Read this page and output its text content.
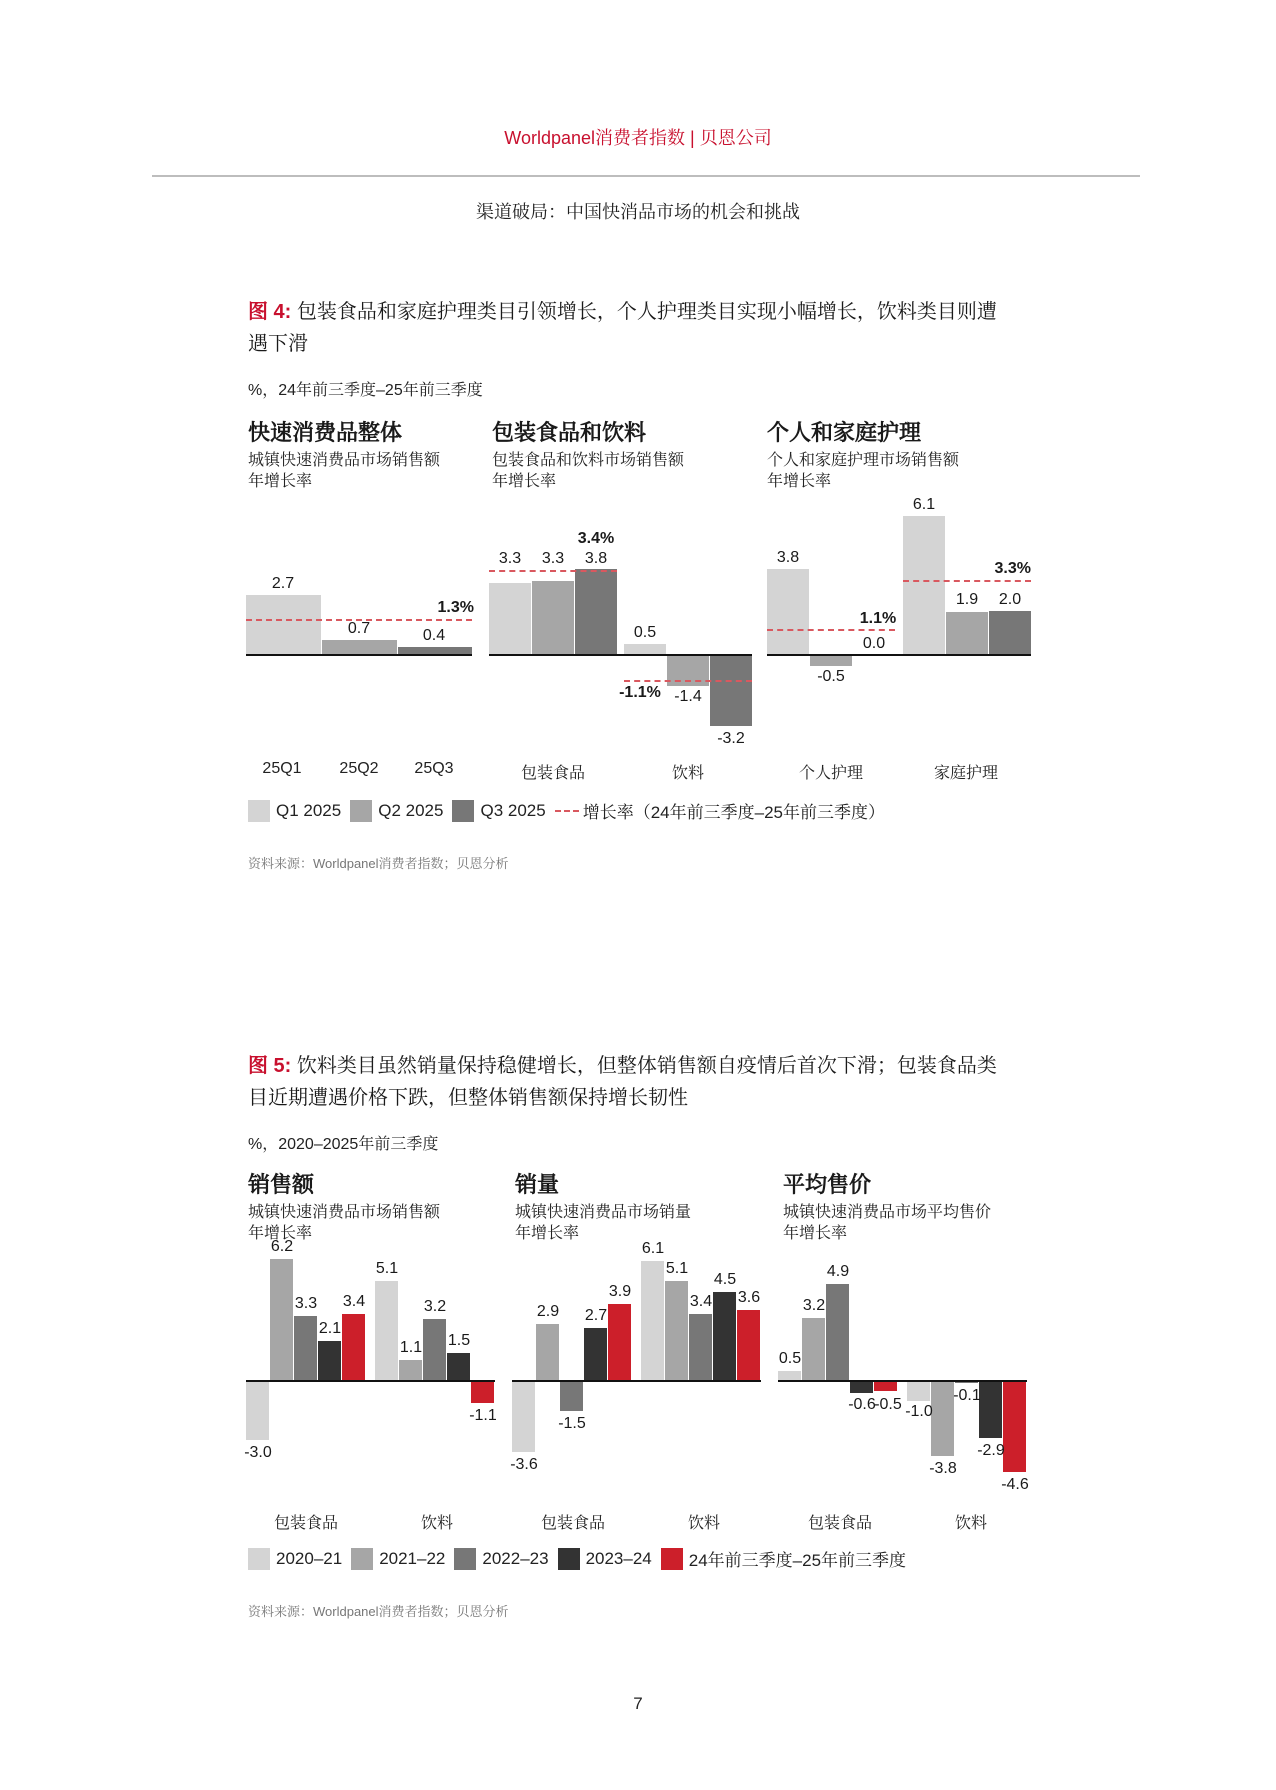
Worldpanel消费者指数 | 贝恩公司
渠道破局：中国快消品市场的机会和挑战
图 4: 包装食品和家庭护理类目引领增长，个人护理类目实现小幅增长，饮料类目则遭
遇下滑
%，24年前三季度–25年前三季度
快速消费品整体
城镇快速消费品市场销售额
年增长率
包装食品和饮料
包装食品和饮料市场销售额
年增长率
个人和家庭护理
个人和家庭护理市场销售额
年增长率
2.7
0.7	0.4
1.3%
3.3	3.3	3.8
3.4%
0.5
-1.4
-3.2
-1.1%
3.8
-0.5
0.0
1.1%
6.1
1.9	2.0
3.3%
25Q1	25Q2	25Q3	包装食品	饮料	个人护理	家庭护理
Q1 2025 Q2 2025 Q3 2025 增长率（24年前三季度–25年前三季度）
资料来源：Worldpanel消费者指数；贝恩分析
图 5: 饮料类目虽然销量保持稳健增长，但整体销售额自疫情后首次下滑；包装食品类
目近期遭遇价格下跌，但整体销售额保持增长韧性
%，2020–2025年前三季度
销售额
城镇快速消费品市场销售额
年增长率
销量
城镇快速消费品市场销量
年增长率
平均售价
城镇快速消费品市场平均售价
年增长率
-3.0
6.2
3.3
2.1
3.4
5.1
1.1
3.2
1.5
-1.1
-3.6
2.9
-1.5
2.7
3.9
6.1
5.1
3.4
4.5
3.6
0.5
3.2
4.9
-0.6
-0.5 -1.0
-3.8
-0.1
-2.9
-4.6
包装食品	饮料	包装食品	饮料	包装食品	饮料
2020–21 2021–22 2022–23 2023–24 24年前三季度–25年前三季度
资料来源：Worldpanel消费者指数；贝恩分析
7
